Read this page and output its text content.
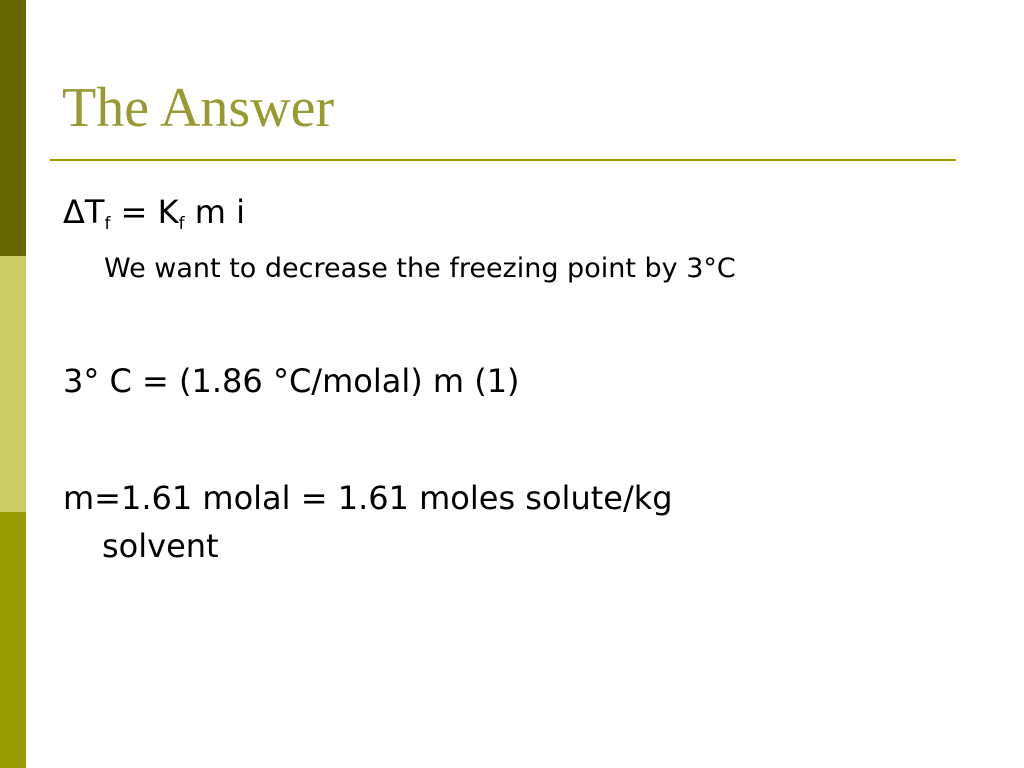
The Answer

$\Delta T_f = K_f$ m i

We want to decrease the freezing point by 3°C

3° C = (1.86 °C/molal) m (1)

m=1.61 molal = 1.61 moles solute/kg

solvent
